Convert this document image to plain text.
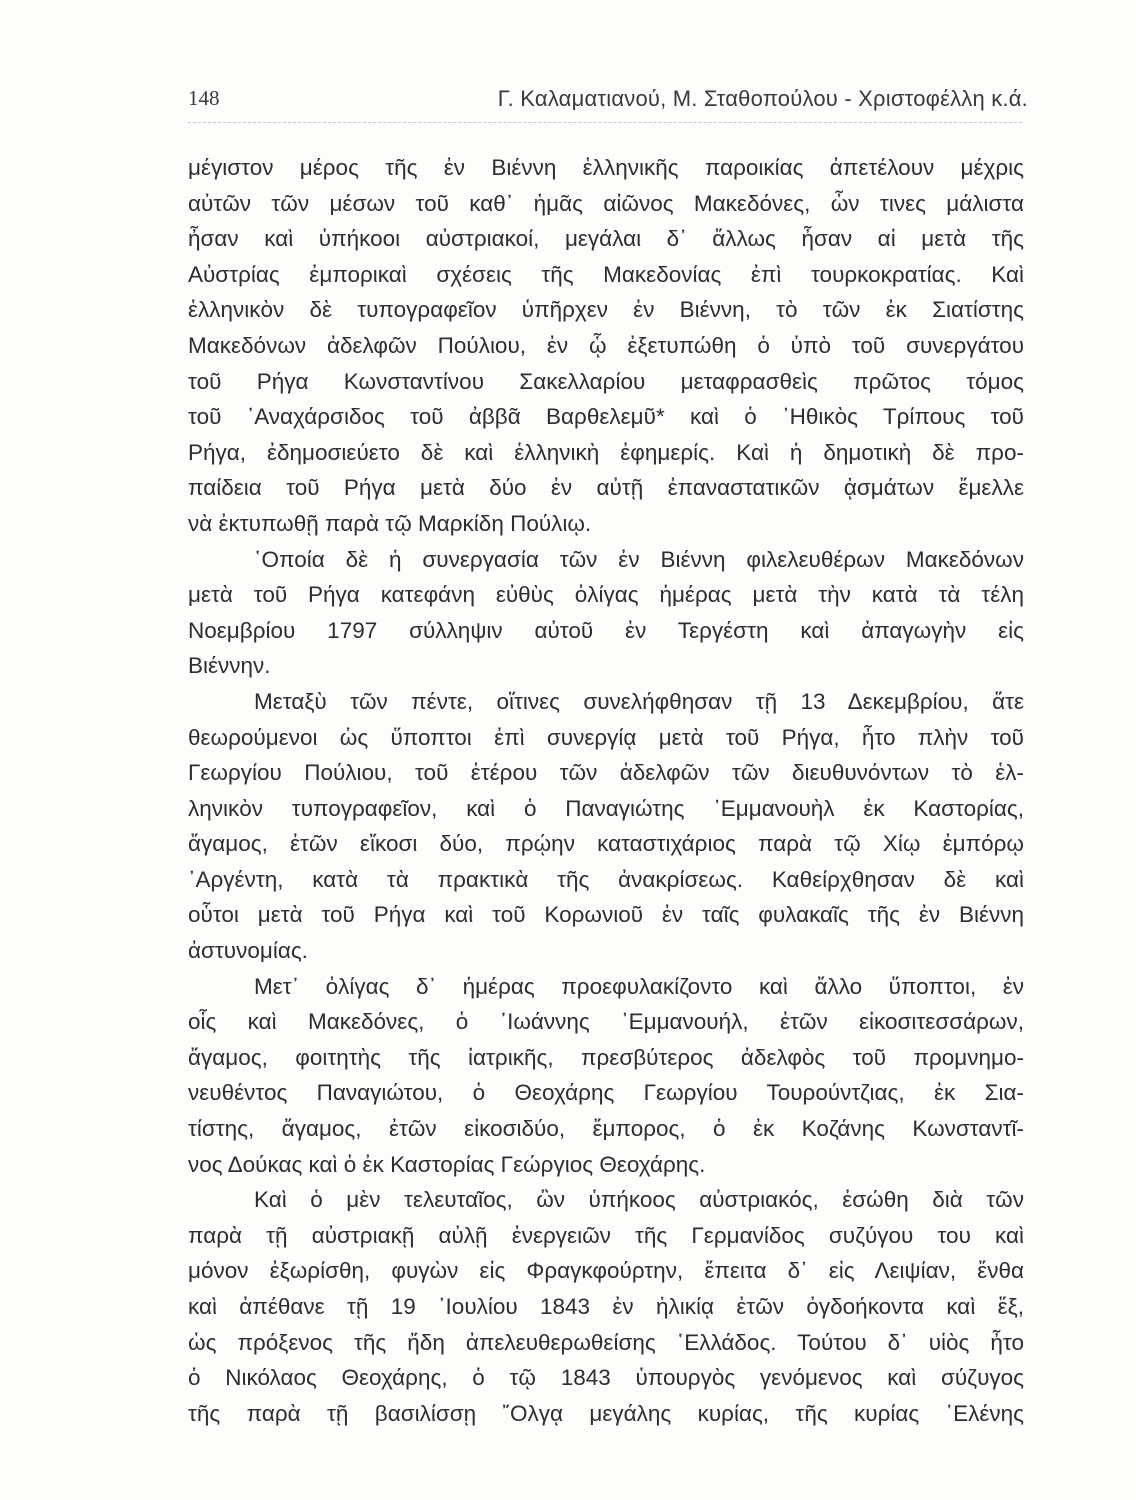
148	Γ. Καλαματιανού, Μ. Σταθοπούλου - Χριστοφέλλη κ.ά.
μέγιστον μέρος τῆς ἐν Βιέννη ἑλληνικῆς παροικίας ἀπετέλουν μέχρις
αὐτῶν τῶν μέσων τοῦ καθ᾽ ἡμᾶς αἰῶνος Μακεδόνες, ὧν τινες μάλιστα
ἦσαν καὶ ὑπήκοοι αὐστριακοί, μεγάλαι δ᾽ ἄλλως ἦσαν αἱ μετὰ τῆς
Αὐστρίας ἐμπορικαὶ σχέσεις τῆς Μακεδονίας ἐπὶ τουρκοκρατίας. Καὶ
ἑλληνικὸν δὲ τυπογραφεῖον ὑπῆρχεν ἐν Βιέννη, τὸ τῶν ἐκ Σιατίστης
Μακεδόνων ἀδελφῶν Πούλιου, ἐν ᾧ ἐξετυπώθη ὁ ὑπὸ τοῦ συνεργάτου
τοῦ Ρήγα Κωνσταντίνου Σακελλαρίου μεταφρασθεὶς πρῶτος τόμος
τοῦ ᾽Αναχάρσιδος τοῦ ἀββᾶ Βαρθελεμῦ* καὶ ὁ ᾽Ηθικὸς Τρίπους τοῦ
Ρήγα, ἐδημοσιεύετο δὲ καὶ ἑλληνικὴ ἐφημερίς. Καὶ ἡ δημοτικὴ δὲ προ-
παίδεια τοῦ Ρήγα μετὰ δύο ἐν αὐτῇ ἐπαναστατικῶν ᾀσμάτων ἔμελλε
νὰ ἐκτυπωθῇ παρὰ τῷ Μαρκίδη Πούλιῳ.
῾Οποία δὲ ἡ συνεργασία τῶν ἐν Βιέννη φιλελευθέρων Μακεδόνων
μετὰ τοῦ Ρήγα κατεφάνη εὐθὺς ὀλίγας ἡμέρας μετὰ τὴν κατὰ τὰ τέλη
Νοεμβρίου 1797 σύλληψιν αὐτοῦ ἐν Τεργέστη καὶ ἀπαγωγὴν εἰς
Βιέννην.
Μεταξὺ τῶν πέντε, οἵτινες συνελήφθησαν τῇ 13 Δεκεμβρίου, ἅτε
θεωρούμενοι ὡς ὕποπτοι ἐπὶ συνεργίᾳ μετὰ τοῦ Ρήγα, ἦτο πλὴν τοῦ
Γεωργίου Πούλιου, τοῦ ἑτέρου τῶν ἀδελφῶν τῶν διευθυνόντων τὸ ἑλ-
ληνικὸν τυπογραφεῖον, καὶ ὁ Παναγιώτης ᾽Εμμανουὴλ ἐκ Καστορίας,
ἄγαμος, ἐτῶν εἴκοσι δύο, πρῴην καταστιχάριος παρὰ τῷ Χίῳ ἐμπόρῳ
᾽Αργέντη, κατὰ τὰ πρακτικὰ τῆς ἀνακρίσεως. Καθείρχθησαν δὲ καὶ
οὗτοι μετὰ τοῦ Ρήγα καὶ τοῦ Κορωνιοῦ ἐν ταῖς φυλακαῖς τῆς ἐν Βιέννη
ἀστυνομίας.
Μετ᾽ ὀλίγας δ᾽ ἡμέρας προεφυλακίζοντο καὶ ἄλλο ὕποπτοι, ἐν
οἷς καὶ Μακεδόνες, ὁ ᾽Ιωάννης ᾽Εμμανουήλ, ἐτῶν εἰκοσιτεσσάρων,
ἄγαμος, φοιτητὴς τῆς ἰατρικῆς, πρεσβύτερος ἀδελφὸς τοῦ προμνημο-
νευθέντος Παναγιώτου, ὁ Θεοχάρης Γεωργίου Τουρούντζιας, ἐκ Σια-
τίστης, ἄγαμος, ἐτῶν εἰκοσιδύο, ἔμπορος, ὁ ἐκ Κοζάνης Κωνσταντῖ-
νος Δούκας καὶ ὁ ἐκ Καστορίας Γεώργιος Θεοχάρης.
Καὶ ὁ μὲν τελευταῖος, ὢν ὑπήκοος αὐστριακός, ἐσώθη διὰ τῶν
παρὰ τῇ αὐστριακῇ αὐλῇ ἐνεργειῶν τῆς Γερμανίδος συζύγου του καὶ
μόνον ἐξωρίσθη, φυγὼν εἰς Φραγκφούρτην, ἔπειτα δ᾽ εἰς Λειψίαν, ἔνθα
καὶ ἀπέθανε τῇ 19 ᾽Ιουλίου 1843 ἐν ἡλικίᾳ ἐτῶν ὀγδοήκοντα καὶ ἕξ,
ὡς πρόξενος τῆς ἤδη ἀπελευθερωθείσης ῾Ελλάδος. Τούτου δ᾽ υἱὸς ἦτο
ὁ Νικόλαος Θεοχάρης, ὁ τῷ 1843 ὑπουργὸς γενόμενος καὶ σύζυγος
τῆς παρὰ τῇ βασιλίσσῃ ῎Ολγᾳ μεγάλης κυρίας, τῆς κυρίας ῾Ελένης
